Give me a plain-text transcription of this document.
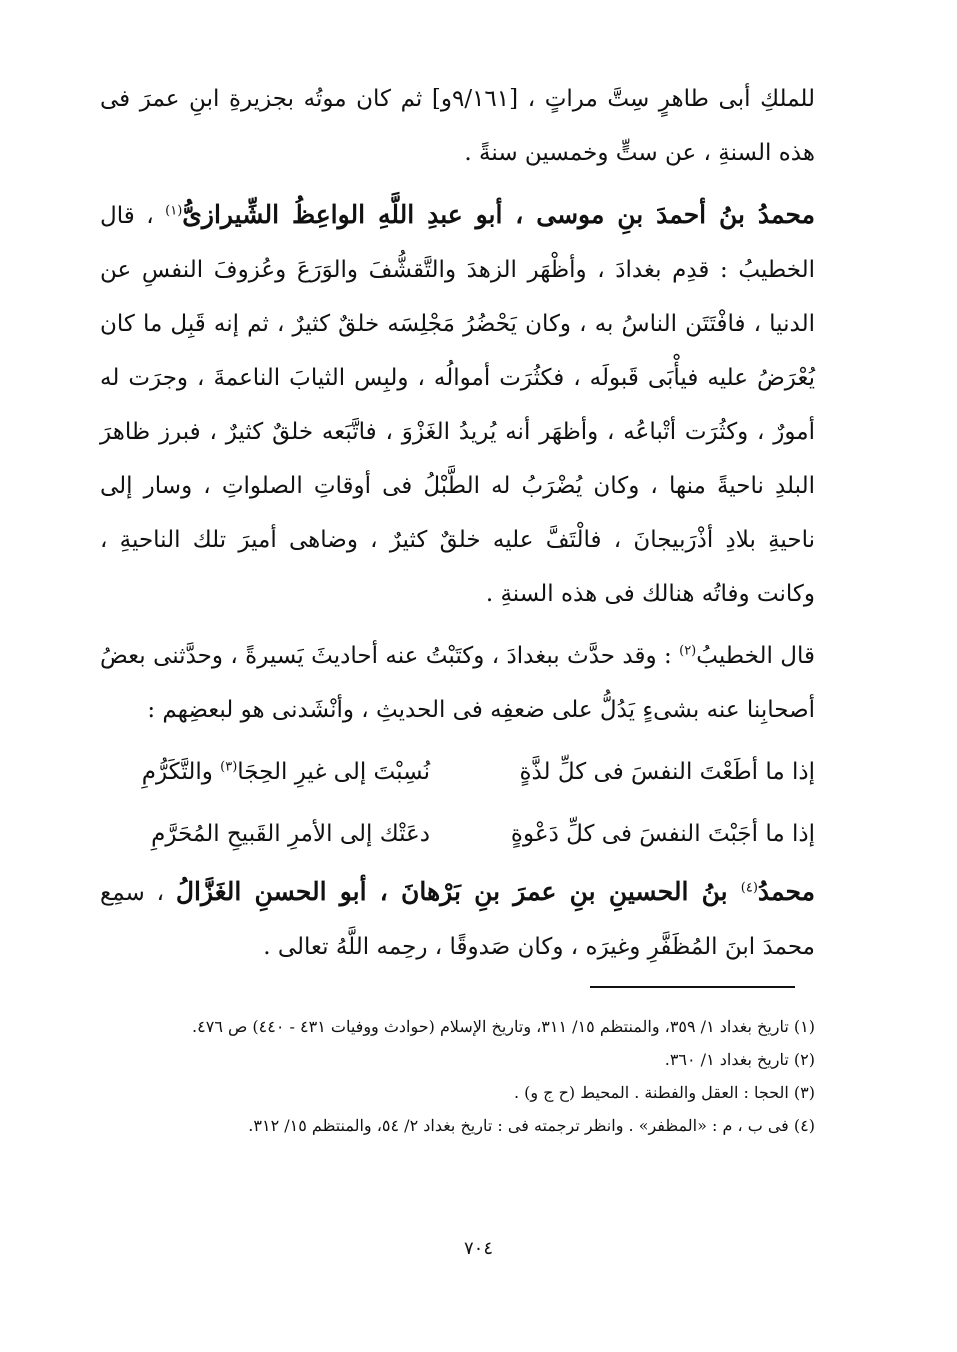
للملكِ أبى طاهرٍ سِتَّ مراتٍ ، [٩/١٦١و] ثم كان موتُه بجزيرةِ ابنِ عمرَ فى هذه السنةِ ، عن ستٍّ وخمسين سنةً .

محمدُ بنُ أحمدَ بنِ موسى ، أبو عبدِ اللَّهِ الواعِظُ الشِّيرازىُّ$^{(١)}$ ، قال الخطيبُ : قدِم بغدادَ ، وأظْهَر الزهدَ والتَّقشُّفَ والوَرَعَ وعُزوفَ النفسِ عن الدنيا ، فافْتَتَن الناسُ به ، وكان يَحْضُرُ مَجْلِسَه خلقٌ كثيرٌ ، ثم إنه قَبِل ما كان يُعْرَضُ عليه فيأْبَى قَبولَه ، فكثُرَت أموالُه ، ولبِس الثيابَ الناعمةَ ، وجرَت له أمورٌ ، وكثُرَت أتْباعُه ، وأظهَر أنه يُريدُ الغَزْوَ ، فاتَّبَعه خلقٌ كثيرٌ ، فبرز ظاهرَ البلدِ ناحيةً منها ، وكان يُضْرَبُ له الطَّبْلُ فى أوقاتِ الصلواتِ ، وسار إلى ناحيةِ بلادِ أذْرَبيجانَ ، فالْتَفَّ عليه خلقٌ كثيرٌ ، وضاهى أميرَ تلك الناحيةِ ، وكانت وفاتُه هنالك فى هذه السنةِ .

قال الخطيبُ$^{(٢)}$ : وقد حدَّث ببغدادَ ، وكتَبْتُ عنه أحاديثَ يَسيرةً ، وحدَّثنى بعضُ أصحابِنا عنه بشىءٍ يَدُلُّ على ضعفِه فى الحديثِ ، وأنْشَدنى هو لبعضِهم :

إذا ما أطَعْتَ النفسَ فى كلِّ لذَّةٍ
نُسِبْتَ إلى غيرِ الحِجَا$^{(٣)}$ والتَّكَرُّمِ
إذا ما أجَبْتَ النفسَ فى كلِّ دَعْوةٍ
دعَتْك إلى الأمرِ القَبيحِ المُحَرَّمِ

محمدُ$^{(٤)}$ بنُ الحسينِ بنِ عمرَ بنِ بَرْهانَ ، أبو الحسنِ الغَزَّالُ ، سمِع محمدَ ابنَ المُظَفَّرِ وغيرَه ، وكان صَدوقًا ، رحِمه اللَّهُ تعالى .

(١) تاريخ بغداد ١/ ٣٥٩، والمنتظم ١٥/ ٣١١، وتاريخ الإسلام (حوادث ووفيات ٤٣١ - ٤٤٠) ص ٤٧٦.

(٢) تاريخ بغداد ١/ ٣٦٠.

(٣) الحجا : العقل والفطنة . المحيط (ح ج و) .

(٤) فى ب ، م : «المظفر» . وانظر ترجمته فى : تاريخ بغداد ٢/ ٥٤، والمنتظم ١٥/ ٣١٢.

٧٠٤
